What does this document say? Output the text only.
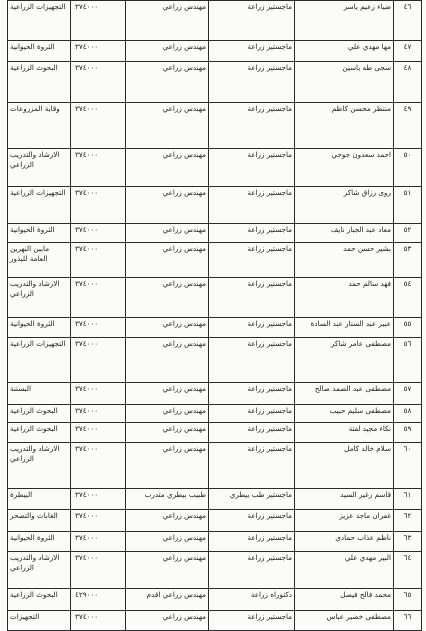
٤٦	ضياء زعيم ياسر	ماجستير زراعة	مهندس زراعي	٣٧٤٠٠٠	التجهيزات الزراعية
٤٧	مها مهدي علي	ماجستير زراعة	مهندس زراعي	٣٧٤٠٠٠	الثروة الحيوانية
٤٨	سجى طه ياسين	ماجستير زراعة	مهندس زراعي	٣٧٤٠٠٠	البحوث الزراعية
٤٩	منتظر محسن كاظم	ماجستير زراعة	مهندس زراعي	٣٧٤٠٠٠	وقاية المزروعات
٥٠	احمد سعدون جوحي	ماجستير زراعة	مهندس زراعي	٣٧٤٠٠٠	الارشاد والتدريب الزراعي
٥١	روى رزاق شاكر	ماجستير زراعة	مهندس زراعي	٣٧٤٠٠٠	التجهيزات الزراعية
٥٢	معاد عبد الجبار نايف	ماجستير زراعة	مهندس زراعي	٣٧٤٠٠٠	الثروة الحيوانية
٥٣	بشير حسن حمد	ماجستير زراعة	مهندس زراعي	٣٧٤٠٠٠	مابين النهرين العامة للبذور
٥٤	فهد سالم حمد	ماجستير زراعة	مهندس زراعي	٣٧٤٠٠٠	الارشاد والتدريب الزراعي
٥٥	عبير عبد الستار عبد السادة	ماجستير زراعة	مهندس زراعي	٣٧٤٠٠٠	الثروة الحيوانية
٥٦	مصطفى عامر شاكر	ماجستير زراعة	مهندس زراعي	٣٧٤٠٠٠	التجهيزات الزراعية
٥٧	مصطفى عبد الصمد صالح	ماجستير زراعة	مهندس زراعي	٣٧٤٠٠٠	البستنة
٥٨	مصطفى سليم حبيب	ماجستير زراعة	مهندس زراعي	٣٧٤٠٠٠	البحوث الزراعية
٥٩	نكاء مجيد لفتة	ماجستير زراعة	مهندس زراعي	٣٧٤٠٠٠	البحوث الزراعية
٦٠	سلام خالد كامل	ماجستير زراعة	مهندس زراعي	٣٧٤٠٠٠	الارشاد والتدريب الزراعي
٦١	قاسم رغير السيد	ماجستير طب بيطري	طبيب بيطري متدرب	٣٧٤٠٠٠	البيطرة
٦٢	غفران ماجد عزيز	ماجستير زراعة	مهندس زراعي	٣٧٤٠٠٠	الغابات والتصحر
٦٣	ناظم عذاب حمادي	ماجستير زراعة	مهندس زراعي	٣٧٤٠٠٠	الثروة الحيوانية
٦٤	البير مهدي علي	ماجستير زراعة	مهندس زراعي	٣٧٤٠٠٠	الارشاد والتدريب الزراعي
٦٥	محمد فالح فيصل	دكتوراه زراعة	مهندس زراعي اقدم	٤٢٩٠٠٠	البحوث الزراعية
٦٦	مصطفى خضير عباس	ماجستير زراعة	مهندس زراعي	٣٧٤٠٠٠	التجهيزات
